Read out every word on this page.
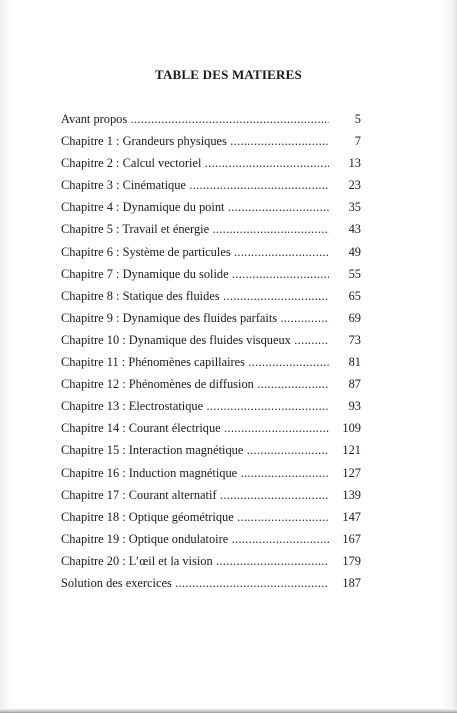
TABLE DES MATIERES
Avant propos .....	5
Chapitre 1 : Grandeurs physiques .....	7
Chapitre 2 : Calcul vectoriel .....	13
Chapitre 3 : Cinématique .....	23
Chapitre 4 : Dynamique du point .....	35
Chapitre 5 : Travail et énergie .....	43
Chapitre 6 : Système de particules .....	49
Chapitre 7 : Dynamique du solide .....	55
Chapitre 8 : Statique des fluides .....	65
Chapitre 9 : Dynamique des fluides parfaits .....	69
Chapitre 10 : Dynamique des fluides visqueux .....	73
Chapitre 11 : Phénomènes capillaires .....	81
Chapitre 12 : Phénomènes de diffusion .....	87
Chapitre 13 : Electrostatique .....	93
Chapitre 14 : Courant électrique .....	109
Chapitre 15 : Interaction magnétique .....	121
Chapitre 16 : Induction magnétique .....	127
Chapitre 17 : Courant alternatif .....	139
Chapitre 18 : Optique géométrique .....	147
Chapitre 19 : Optique ondulatoire .....	167
Chapitre 20 : L’œil et la vision .....	179
Solution des exercices .....	187
